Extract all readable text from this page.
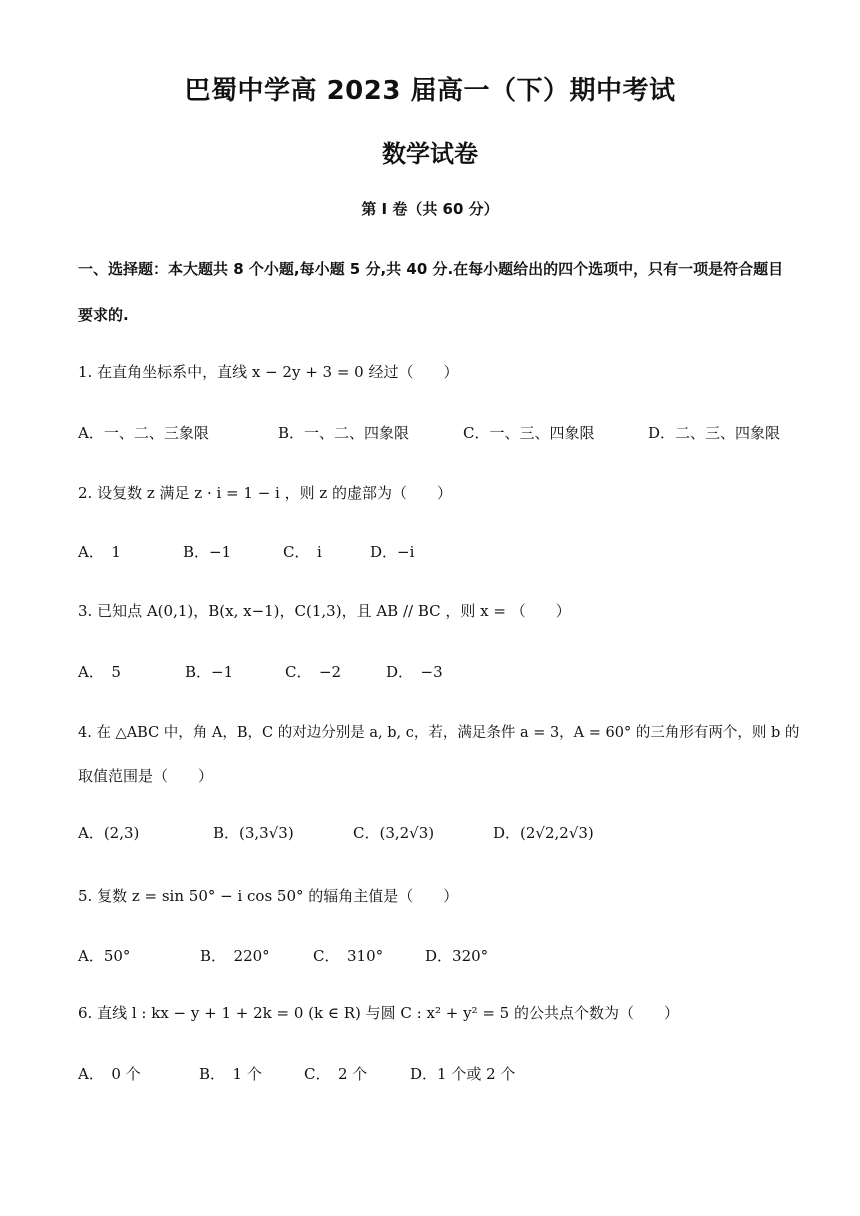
巴蜀中学高 2023 届高一（下）期中考试
数学试卷
第 I 卷（共 60 分）
一、选择题：本大题共 8 个小题,每小题 5 分,共 40 分.在每小题给出的四个选项中，只有一项是符合题目
要求的.
1. 在直角坐标系中，直线 x − 2y + 3 = 0 经过（　　）
A．一、二、三象限	B．一、二、四象限	C．一、三、四象限	D．二、三、四象限
2. 设复数 z 满足 z · i = 1 − i ，则 z 的虚部为（　　）
A．　1	B．−1	C．　i	D．−i
3. 已知点 A(0,1)，B(x, x−1)，C(1,3)，且 AB // BC ，则 x = （　　）
A．　5	B．−1	C．　−2	D．　−3
4. 在 △ABC 中，角 A，B，C 的对边分别是 a, b, c，若，满足条件 a = 3，A = 60° 的三角形有两个，则 b 的
取值范围是（　　）
A．(2,3)	B．(3,3√3)	C．(3,2√3)	D．(2√2,2√3)
5. 复数 z = sin 50° − i cos 50° 的辐角主值是（　　）
A．50°	B．　220°	C．　310°	D．320°
6. 直线 l : kx − y + 1 + 2k = 0 (k ∈ R) 与圆 C : x² + y² = 5 的公共点个数为（　　）
A．　0 个	B．　1 个	C．　2 个	D．1 个或 2 个
